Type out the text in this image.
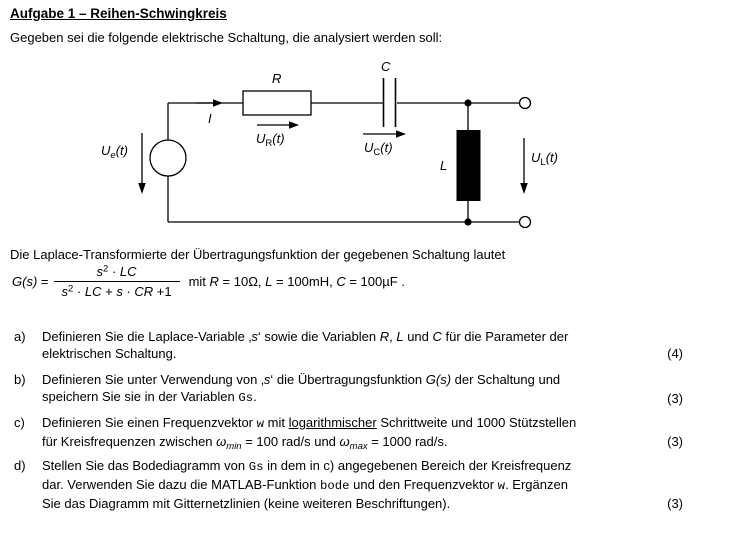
Aufgabe 1 – Reihen-Schwingkreis
Gegeben sei die folgende elektrische Schaltung, die analysiert werden soll:
$U_e(t)$
I
R
$U_R(t)$
C
$U_C(t)$
L
$U_L(t)$
Die Laplace-Transformierte der Übertragungsfunktion der gegebenen Schaltung lautet
$G(s) = \frac{s^2 \cdot LC}{s^2 \cdot LC + s \cdot CR +1}$ mit R = 10Ω, L = 100mH, C = 100µF .
a)	Definieren Sie die Laplace-Variable ‚s‘ sowie die Variablen R, L und C für die Parameter der
elektrischen Schaltung.	(4)
b)	Definieren Sie unter Verwendung von ‚s‘ die Übertragungsfunktion G(s) der Schaltung und
speichern Sie sie in der Variablen Gs.	(3)
c)	Definieren Sie einen Frequenzvektor w mit logarithmischer Schrittweite und 1000 Stützstellen
für Kreisfrequenzen zwischen $\omega_{min} = 100$ rad/s und $\omega_{max} = 1000$ rad/s.	(3)
d)	Stellen Sie das Bodediagramm von Gs in dem in c) angegebenen Bereich der Kreisfrequenz
dar. Verwenden Sie dazu die MATLAB-Funktion bode und den Frequenzvektor w. Ergänzen
Sie das Diagramm mit Gitternetzlinien (keine weiteren Beschriftungen).	(3)
